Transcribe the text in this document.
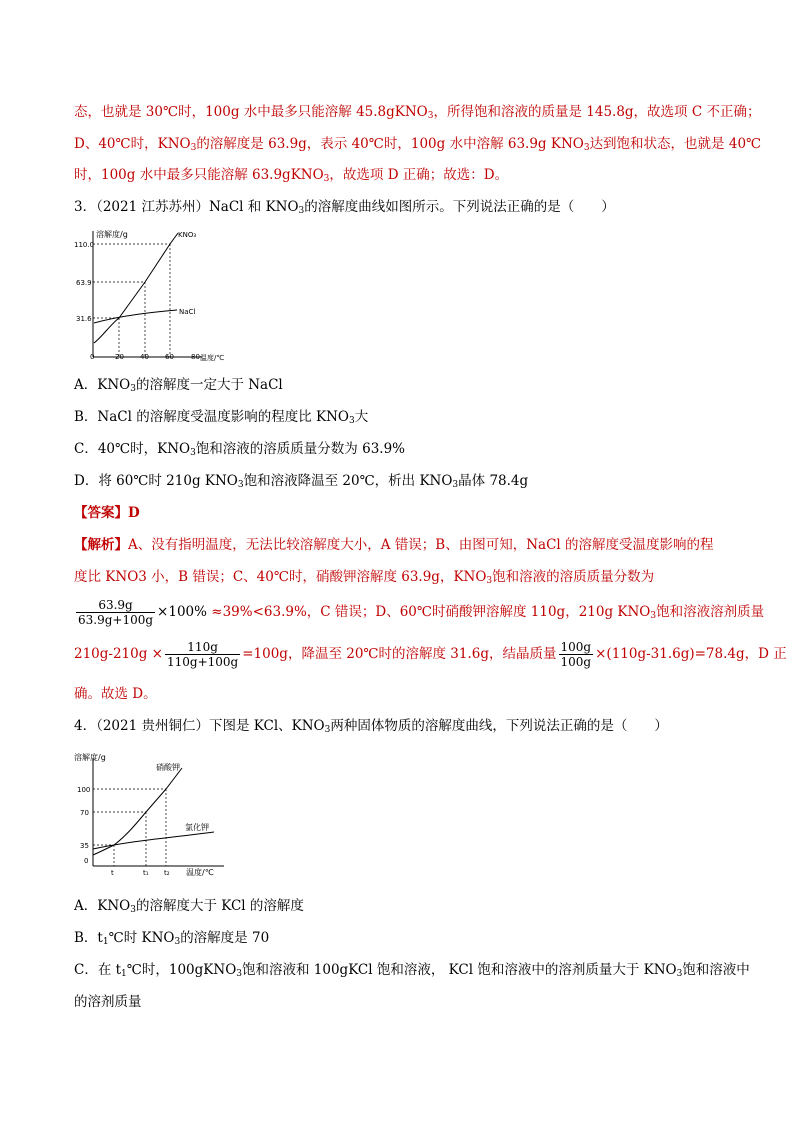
态，也就是 30℃时，100g 水中最多只能溶解 45.8gKNO$_3$，所得饱和溶液的质量是 145.8g，故选项 C 不正确；
D、40℃时，$KNO_3$的溶解度是 63.9g，表示 40℃时，100g 水中溶解 63.9g $KNO_3$达到饱和状态，也就是 40℃
时，100g 水中最多只能溶解 63.9gKNO$_3$，故选项 D 正确；故选：D。
3．（2021 江苏苏州）NaCl 和 $KNO_3$的溶解度曲线如图所示。下列说法正确的是（　　）
溶解度/g
温度/℃
110.0
63.9
31.6
0	20 40 60 80
KNO₃
NaCl
A．$KNO_3$的溶解度一定大于 NaCl
B．NaCl 的溶解度受温度影响的程度比 $KNO_3$大
C．40℃时，$KNO_3$饱和溶液的溶质质量分数为 63.9%
D．将 60℃时 210g $KNO_3$饱和溶液降温至 20℃，析出 $KNO_3$晶体 78.4g
【答案】D
【解析】A、没有指明温度，无法比较溶解度大小，A 错误；B、由图可知，NaCl 的溶解度受温度影响的程
度比 KNO3 小，B 错误；C、40℃时，硝酸钾溶解度 63.9g，$KNO_3$饱和溶液的溶质质量分数为
$\frac{63.9g}{63.9g+100g} \times 100\% \approx 39\%<63.9\%$，C 错误；D、60℃时硝酸钾溶解度 110g，210g $KNO_3$饱和溶液溶剂质量
$210g-210g \times \frac{110g}{110g+100g} =100g$，降温至 20℃时的溶解度 31.6g，结晶质量 $\frac{100g}{100g} \times(110g-31.6g)=78.4g$，D 正
确。故选 D。
4．（2021 贵州铜仁）下图是 KCl、$KNO_3$两种固体物质的溶解度曲线，下列说法正确的是（　　）
溶解度/g
温度/℃
100
70
35
0
t	t₁ t₂
硝酸钾
氯化钾
A．$KNO_3$的溶解度大于 KCl 的溶解度
B．$t_1℃$时 $KNO_3$的溶解度是 70
C．在 $t_1℃$时，100gKNO$_3$饱和溶液和 100gKCl 饱和溶液， KCl 饱和溶液中的溶剂质量大于 $KNO_3$饱和溶液中
的溶剂质量
